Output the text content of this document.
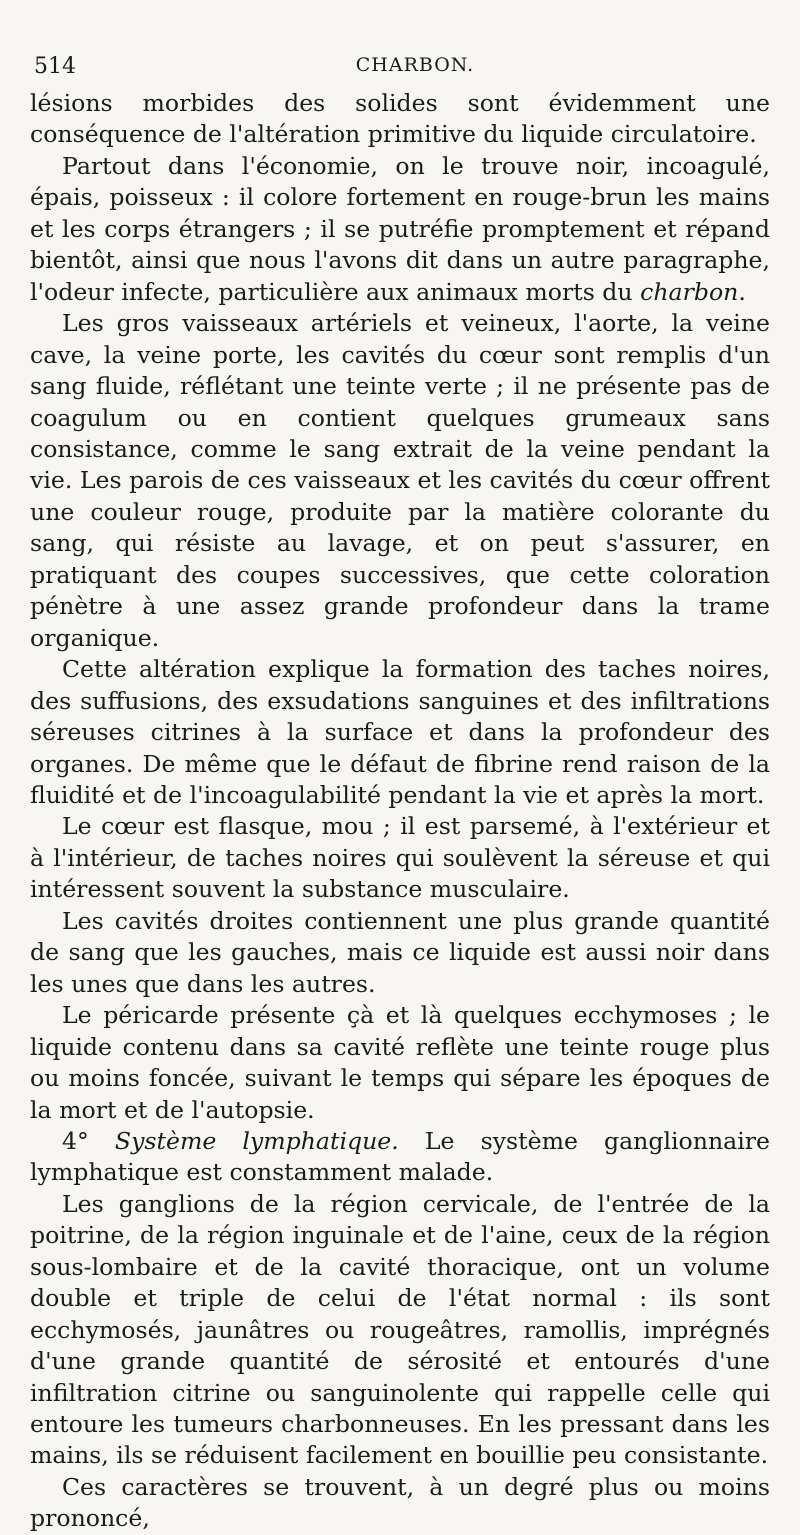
514	CHARBON.

lésions morbides des solides sont évidemment une conséquence de l'altération primitive du liquide circulatoire.

Partout dans l'économie, on le trouve noir, incoagulé, épais, poisseux : il colore fortement en rouge-brun les mains et les corps étrangers ; il se putréfie promptement et répand bientôt, ainsi que nous l'avons dit dans un autre paragraphe, l'odeur infecte, particulière aux animaux morts du charbon.

Les gros vaisseaux artériels et veineux, l'aorte, la veine cave, la veine porte, les cavités du cœur sont remplis d'un sang fluide, réflétant une teinte verte ; il ne présente pas de coagulum ou en contient quelques grumeaux sans consistance, comme le sang extrait de la veine pendant la vie. Les parois de ces vaisseaux et les cavités du cœur offrent une couleur rouge, produite par la matière colorante du sang, qui résiste au lavage, et on peut s'assurer, en pratiquant des coupes successives, que cette coloration pénètre à une assez grande profondeur dans la trame organique.

Cette altération explique la formation des taches noires, des suffusions, des exsudations sanguines et des infiltrations séreuses citrines à la surface et dans la profondeur des organes. De même que le défaut de fibrine rend raison de la fluidité et de l'incoagulabilité pendant la vie et après la mort.

Le cœur est flasque, mou ; il est parsemé, à l'extérieur et à l'intérieur, de taches noires qui soulèvent la séreuse et qui intéressent souvent la substance musculaire.

Les cavités droites contiennent une plus grande quantité de sang que les gauches, mais ce liquide est aussi noir dans les unes que dans les autres.

Le péricarde présente çà et là quelques ecchymoses ; le liquide contenu dans sa cavité reflète une teinte rouge plus ou moins foncée, suivant le temps qui sépare les époques de la mort et de l'autopsie.

4° Système lymphatique. Le système ganglionnaire lymphatique est constamment malade.

Les ganglions de la région cervicale, de l'entrée de la poitrine, de la région inguinale et de l'aine, ceux de la région sous-lombaire et de la cavité thoracique, ont un volume double et triple de celui de l'état normal : ils sont ecchymosés, jaunâtres ou rougeâtres, ramollis, imprégnés d'une grande quantité de sérosité et entourés d'une infiltration citrine ou sanguinolente qui rappelle celle qui entoure les tumeurs charbonneuses. En les pressant dans les mains, ils se réduisent facilement en bouillie peu consistante.

Ces caractères se trouvent, à un degré plus ou moins prononcé,
